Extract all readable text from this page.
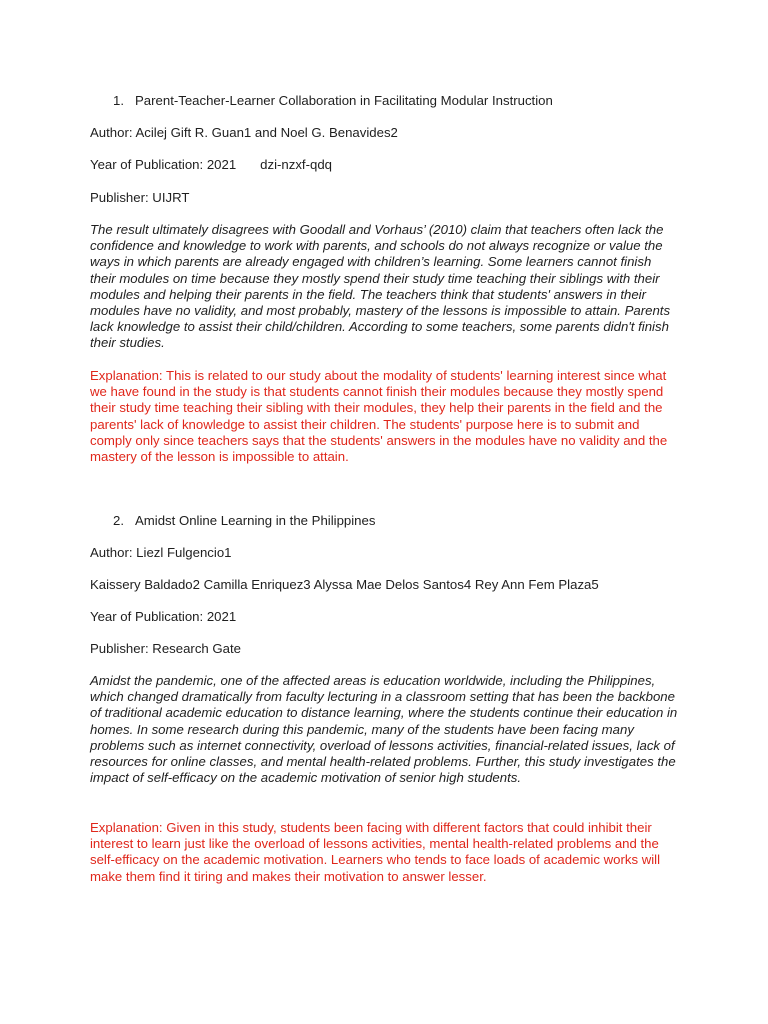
1. Parent-Teacher-Learner Collaboration in Facilitating Modular Instruction
Author: Acilej Gift R. Guan1 and Noel G. Benavides2
Year of Publication: 2021 dzi-nzxf-qdq
Publisher: UIJRT
The result ultimately disagrees with Goodall and Vorhaus’ (2010) claim that teachers often lack the confidence and knowledge to work with parents, and schools do not always recognize or value the ways in which parents are already engaged with children’s learning. Some learners cannot finish their modules on time because they mostly spend their study time teaching their siblings with their modules and helping their parents in the field. The teachers think that students' answers in their modules have no validity, and most probably, mastery of the lessons is impossible to attain. Parents lack knowledge to assist their child/children. According to some teachers, some parents didn't finish their studies.
Explanation: This is related to our study about the modality of students' learning interest since what we have found in the study is that students cannot finish their modules because they mostly spend their study time teaching their sibling with their modules, they help their parents in the field and the parents' lack of knowledge to assist their children. The students' purpose here is to submit and comply only since teachers says that the students' answers in the modules have no validity and the mastery of the lesson is impossible to attain.
2. Amidst Online Learning in the Philippines
Author: Liezl Fulgencio1
Kaissery Baldado2 Camilla Enriquez3 Alyssa Mae Delos Santos4 Rey Ann Fem Plaza5
Year of Publication: 2021
Publisher: Research Gate
Amidst the pandemic, one of the affected areas is education worldwide, including the Philippines, which changed dramatically from faculty lecturing in a classroom setting that has been the backbone of traditional academic education to distance learning, where the students continue their education in homes. In some research during this pandemic, many of the students have been facing many problems such as internet connectivity, overload of lessons activities, financial-related issues, lack of resources for online classes, and mental health-related problems. Further, this study investigates the impact of self-efficacy on the academic motivation of senior high students.
Explanation: Given in this study, students been facing with different factors that could inhibit their interest to learn just like the overload of lessons activities, mental health-related problems and the self-efficacy on the academic motivation. Learners who tends to face loads of academic works will make them find it tiring and makes their motivation to answer lesser.
